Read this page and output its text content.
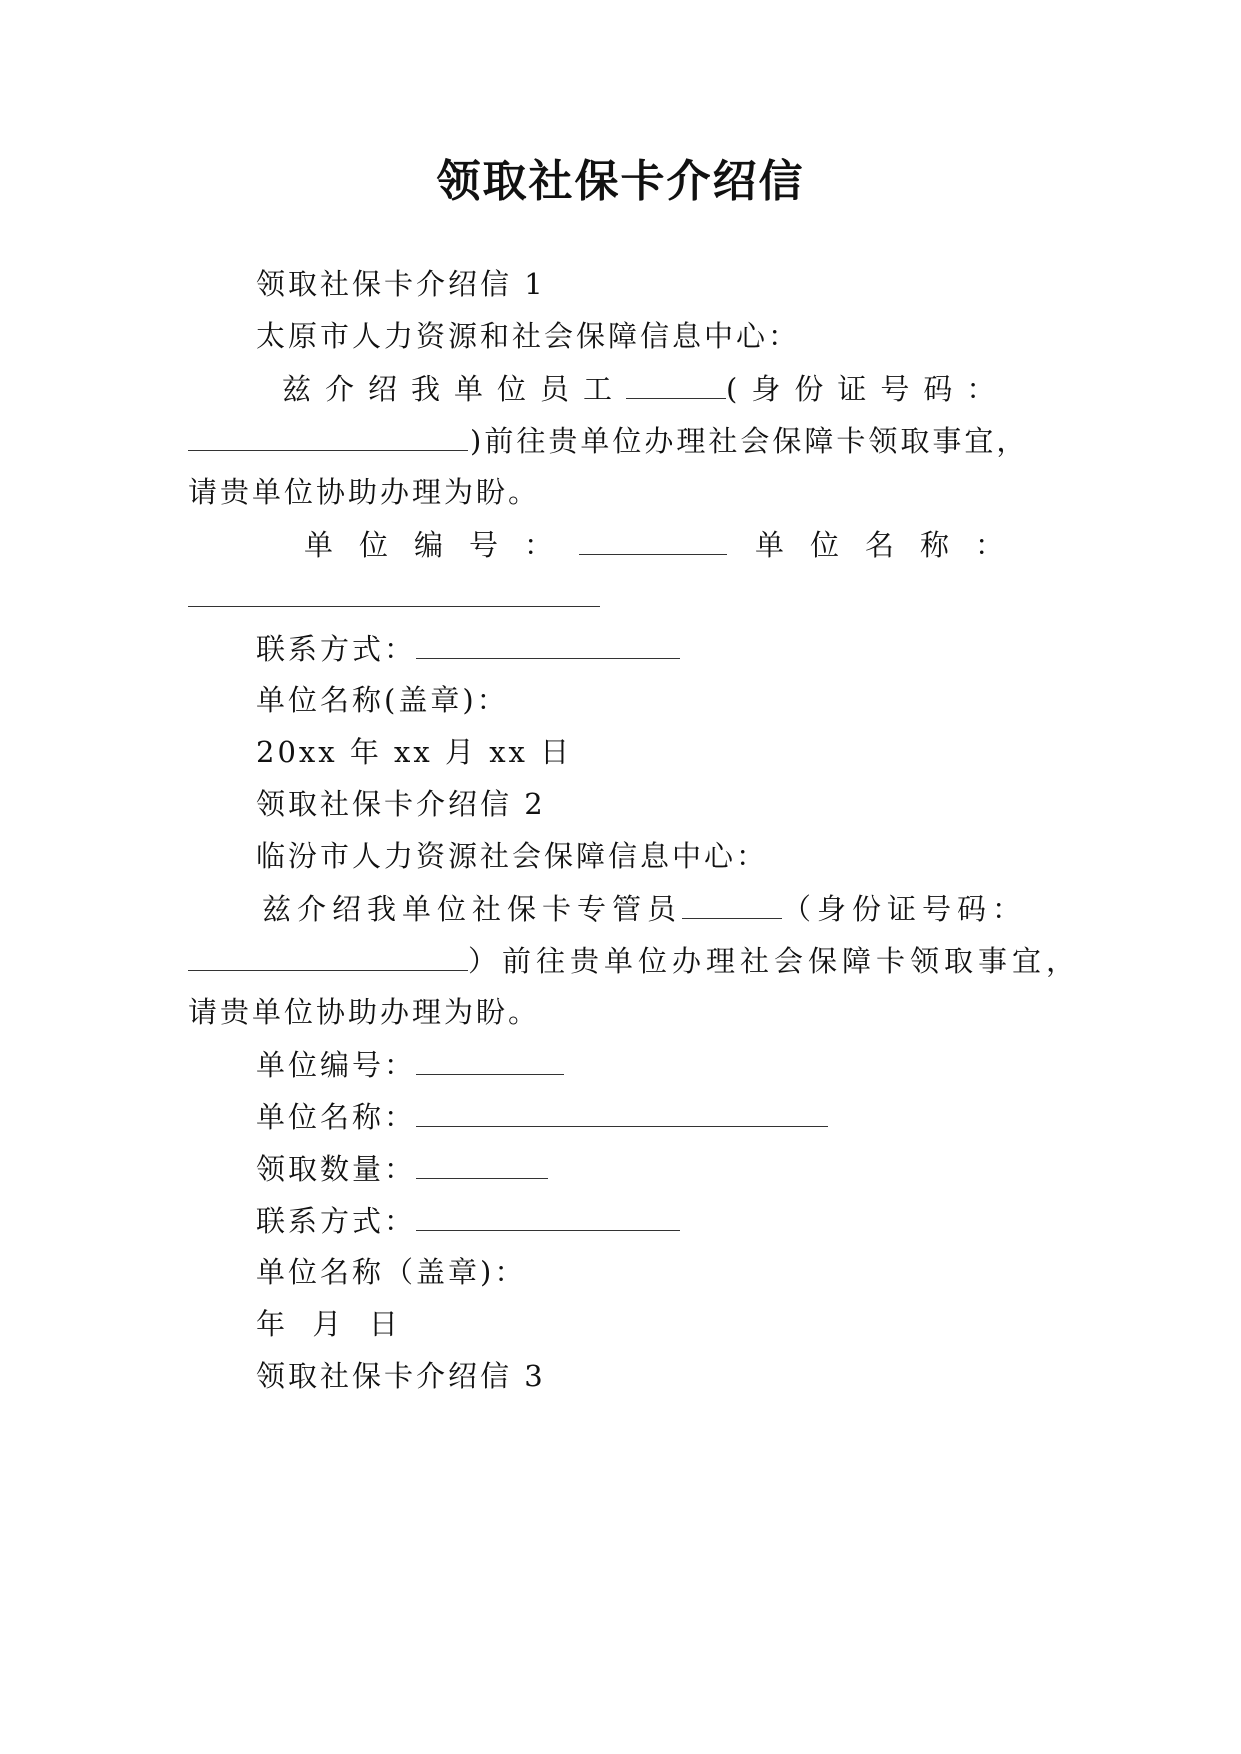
领取社保卡介绍信
领取社保卡介绍信 1
太原市人力资源和社会保障信息中心：
兹介绍我单位员工	(身份证号码：
)前往贵单位办理社会保障卡领取事宜，
请贵单位协助办理为盼。
单位编号：	单位名称：
联系方式：
单位名称(盖章)：
20xx 年 xx 月 xx 日
领取社保卡介绍信 2
临汾市人力资源社会保障信息中心：
兹介绍我单位社保卡专管员	（身份证号码：
）前往贵单位办理社会保障卡领取事宜，
请贵单位协助办理为盼。
单位编号：
单位名称：
领取数量：
联系方式：
单位名称（盖章)：
年  月  日
领取社保卡介绍信 3
